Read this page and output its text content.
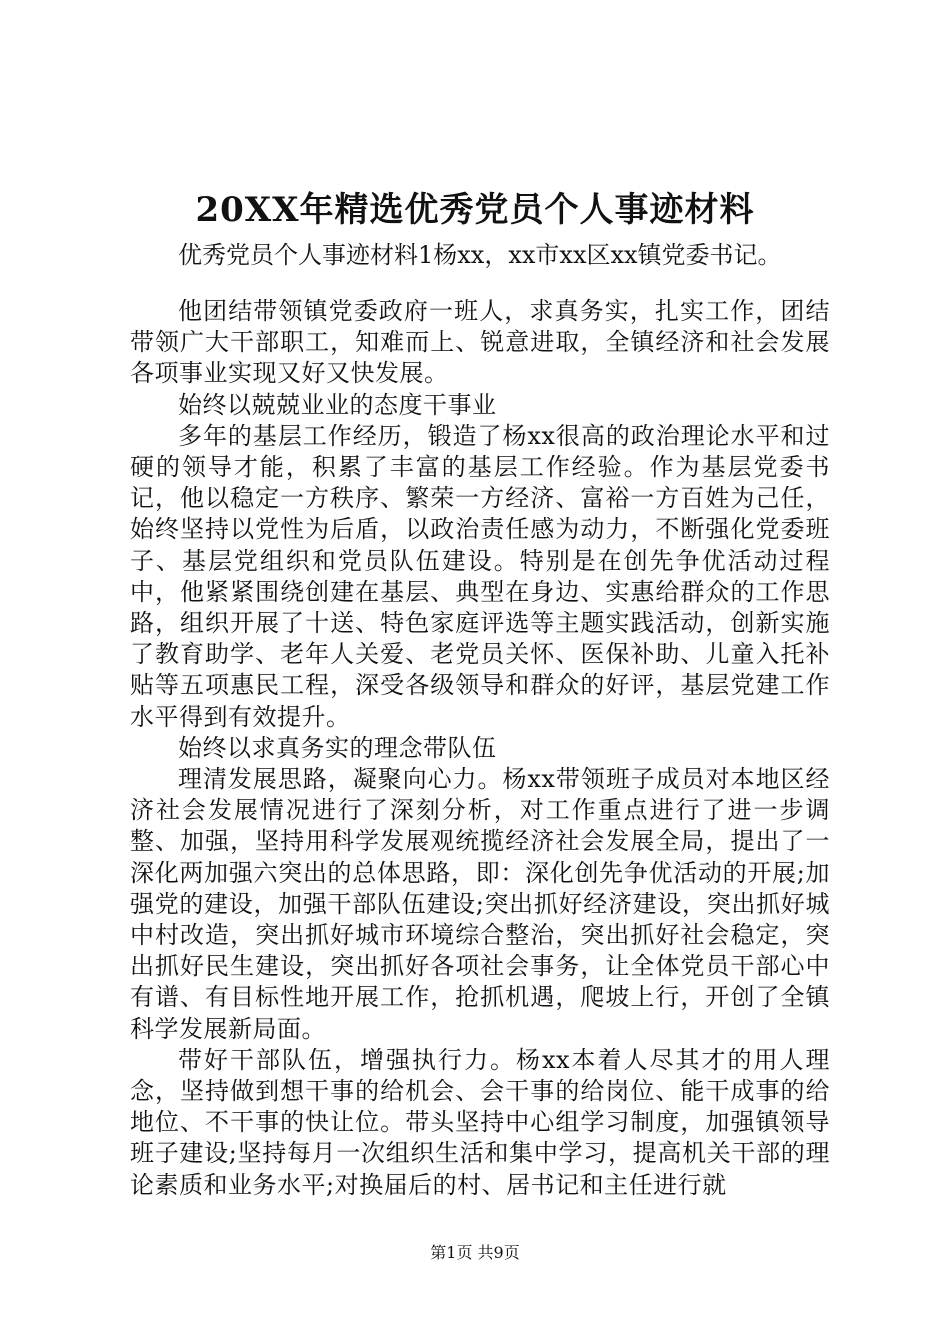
20XX年精选优秀党员个人事迹材料
优秀党员个人事迹材料1杨xx，xx市xx区xx镇党委书记。

他团结带领镇党委政府一班人，求真务实，扎实工作，团结带领广大干部职工，知难而上、锐意进取，全镇经济和社会发展各项事业实现又好又快发展。

始终以兢兢业业的态度干事业

多年的基层工作经历，锻造了杨xx很高的政治理论水平和过硬的领导才能，积累了丰富的基层工作经验。作为基层党委书记，他以稳定一方秩序、繁荣一方经济、富裕一方百姓为己任，始终坚持以党性为后盾，以政治责任感为动力，不断强化党委班子、基层党组织和党员队伍建设。特别是在创先争优活动过程中，他紧紧围绕创建在基层、典型在身边、实惠给群众的工作思路，组织开展了十送、特色家庭评选等主题实践活动，创新实施了教育助学、老年人关爱、老党员关怀、医保补助、儿童入托补贴等五项惠民工程，深受各级领导和群众的好评，基层党建工作水平得到有效提升。

始终以求真务实的理念带队伍

理清发展思路，凝聚向心力。杨xx带领班子成员对本地区经济社会发展情况进行了深刻分析，对工作重点进行了进一步调整、加强，坚持用科学发展观统揽经济社会发展全局，提出了一深化两加强六突出的总体思路，即：深化创先争优活动的开展;加强党的建设，加强干部队伍建设;突出抓好经济建设，突出抓好城中村改造，突出抓好城市环境综合整治，突出抓好社会稳定，突出抓好民生建设，突出抓好各项社会事务，让全体党员干部心中有谱、有目标性地开展工作，抢抓机遇，爬坡上行，开创了全镇科学发展新局面。

带好干部队伍，增强执行力。杨xx本着人尽其才的用人理念，坚持做到想干事的给机会、会干事的给岗位、能干成事的给地位、不干事的快让位。带头坚持中心组学习制度，加强镇领导班子建设;坚持每月一次组织生活和集中学习，提高机关干部的理论素质和业务水平;对换届后的村、居书记和主任进行就

第1页 共9页
